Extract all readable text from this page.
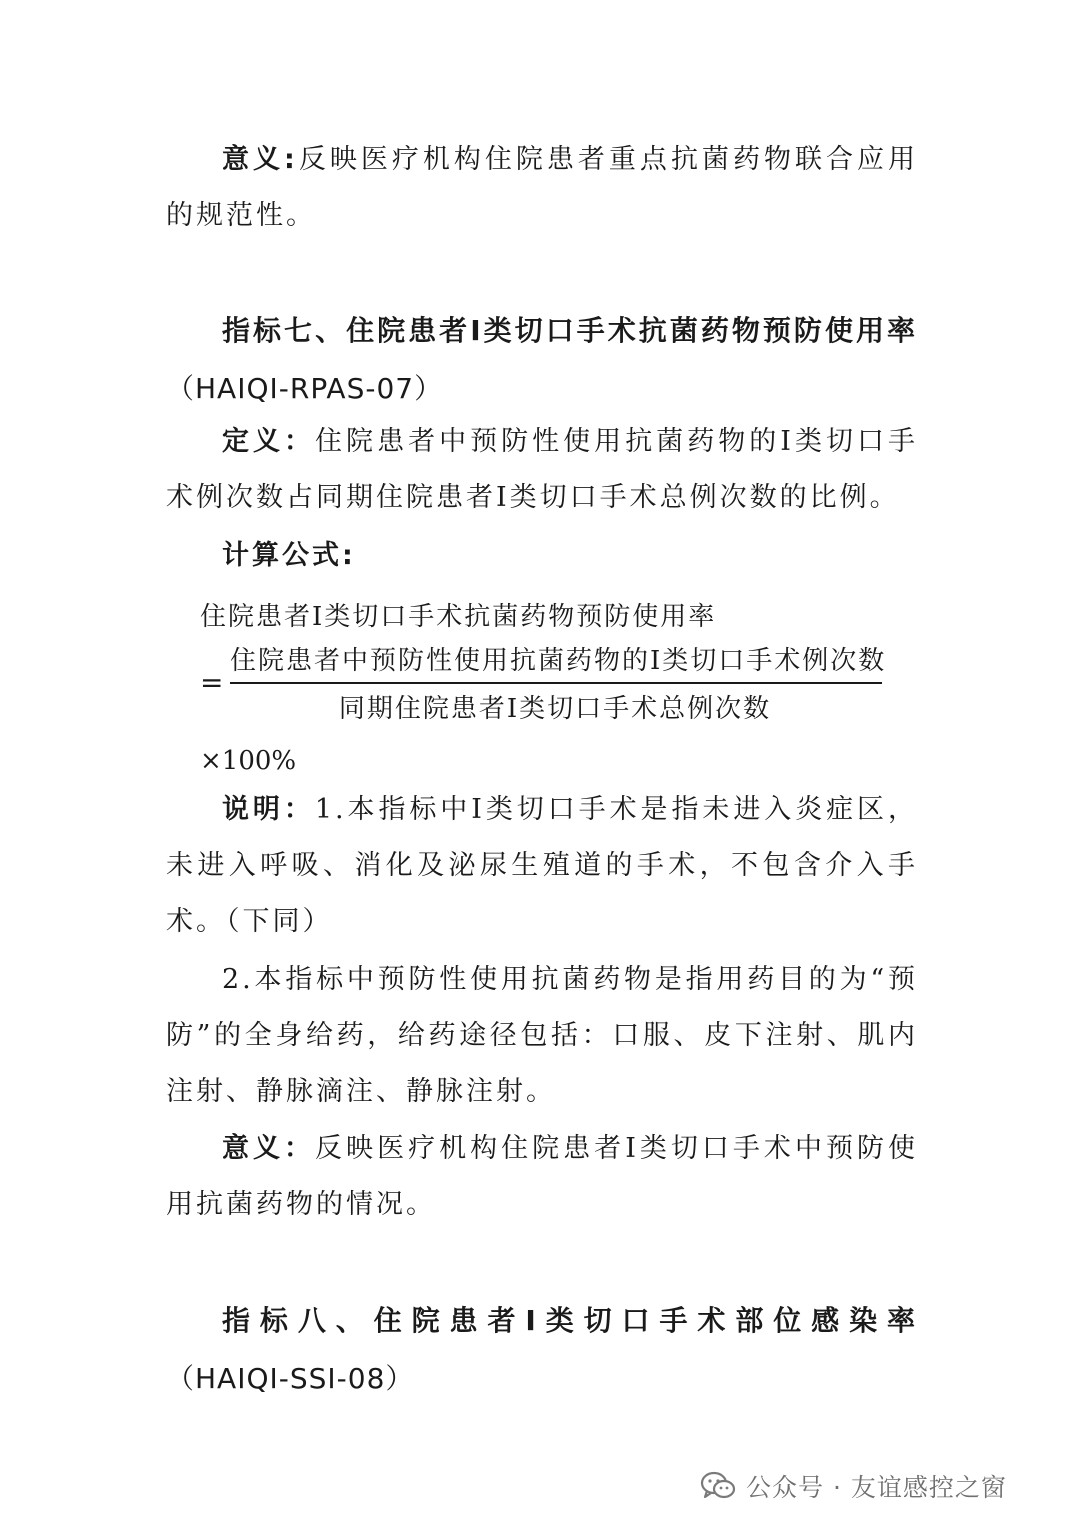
意义:反映医疗机构住院患者重点抗菌药物联合应用的规范性。
指标七、住院患者Ⅰ类切口手术抗菌药物预防使用率
（HAIQI-RPAS-07）
定义：住院患者中预防性使用抗菌药物的Ⅰ类切口手术例次数占同期住院患者Ⅰ类切口手术总例次数的比例。
计算公式:
住院患者Ⅰ类切口手术抗菌药物预防使用率
=
住院患者中预防性使用抗菌药物的Ⅰ类切口手术例次数
同期住院患者Ⅰ类切口手术总例次数
×100%
说明：1.本指标中Ⅰ类切口手术是指未进入炎症区，未进入呼吸、消化及泌尿生殖道的手术，不包含介入手术。（下同）
2.本指标中预防性使用抗菌药物是指用药目的为“预防”的全身给药，给药途径包括：口服、皮下注射、肌内注射、静脉滴注、静脉注射。
意义：反映医疗机构住院患者Ⅰ类切口手术中预防使用抗菌药物的情况。
指标八、住院患者Ⅰ类切口手术部位感染率
（HAIQI-SSI-08）
公众号 · 友谊感控之窗
